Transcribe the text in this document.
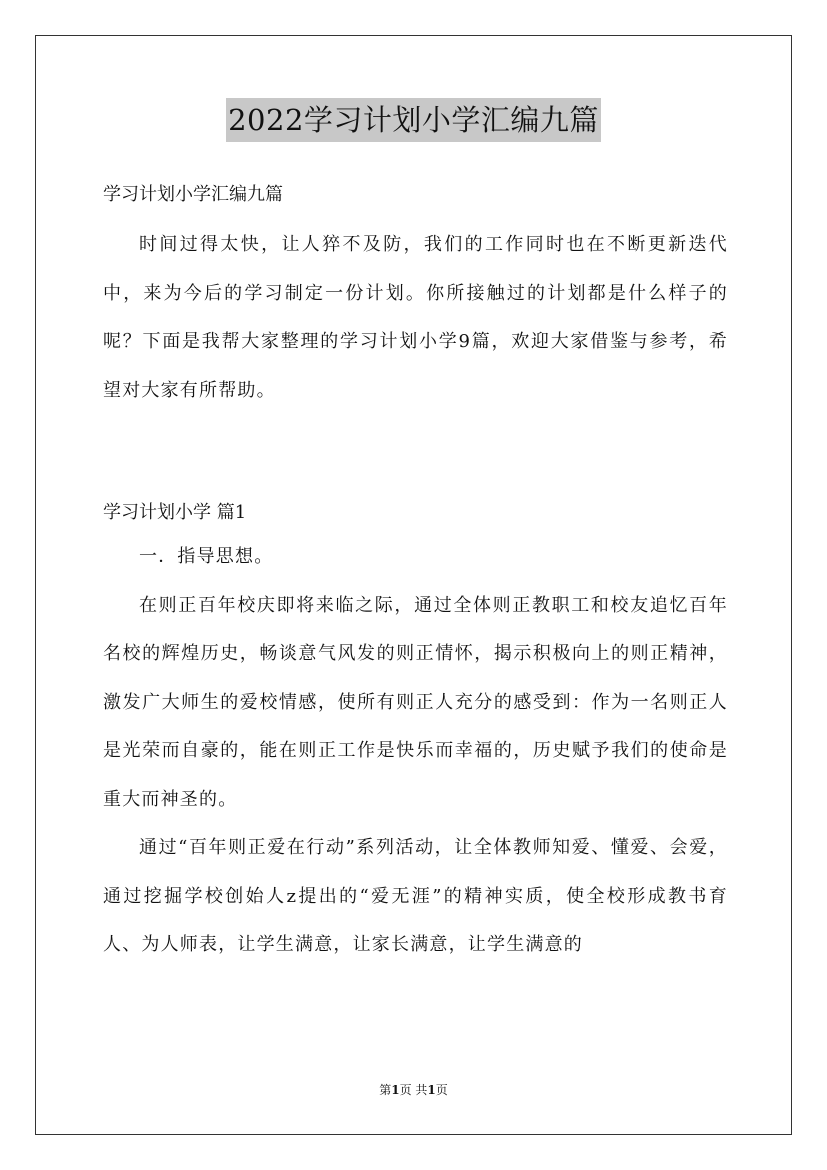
2022学习计划小学汇编九篇

学习计划小学汇编九篇

时间过得太快，让人猝不及防，我们的工作同时也在不断更新迭代中，来为今后的学习制定一份计划。你所接触过的计划都是什么样子的呢？下面是我帮大家整理的学习计划小学9篇，欢迎大家借鉴与参考，希望对大家有所帮助。

学习计划小学 篇1

一．指导思想。

在则正百年校庆即将来临之际，通过全体则正教职工和校友追忆百年名校的辉煌历史，畅谈意气风发的则正情怀，揭示积极向上的则正精神，激发广大师生的爱校情感，使所有则正人充分的感受到：作为一名则正人是光荣而自豪的，能在则正工作是快乐而幸福的，历史赋予我们的使命是重大而神圣的。

通过“百年则正爱在行动”系列活动，让全体教师知爱、懂爱、会爱，通过挖掘学校创始人z提出的“爱无涯”的精神实质，使全校形成教书育人、为人师表，让学生满意，让家长满意，让学生满意的

第1页 共1页
